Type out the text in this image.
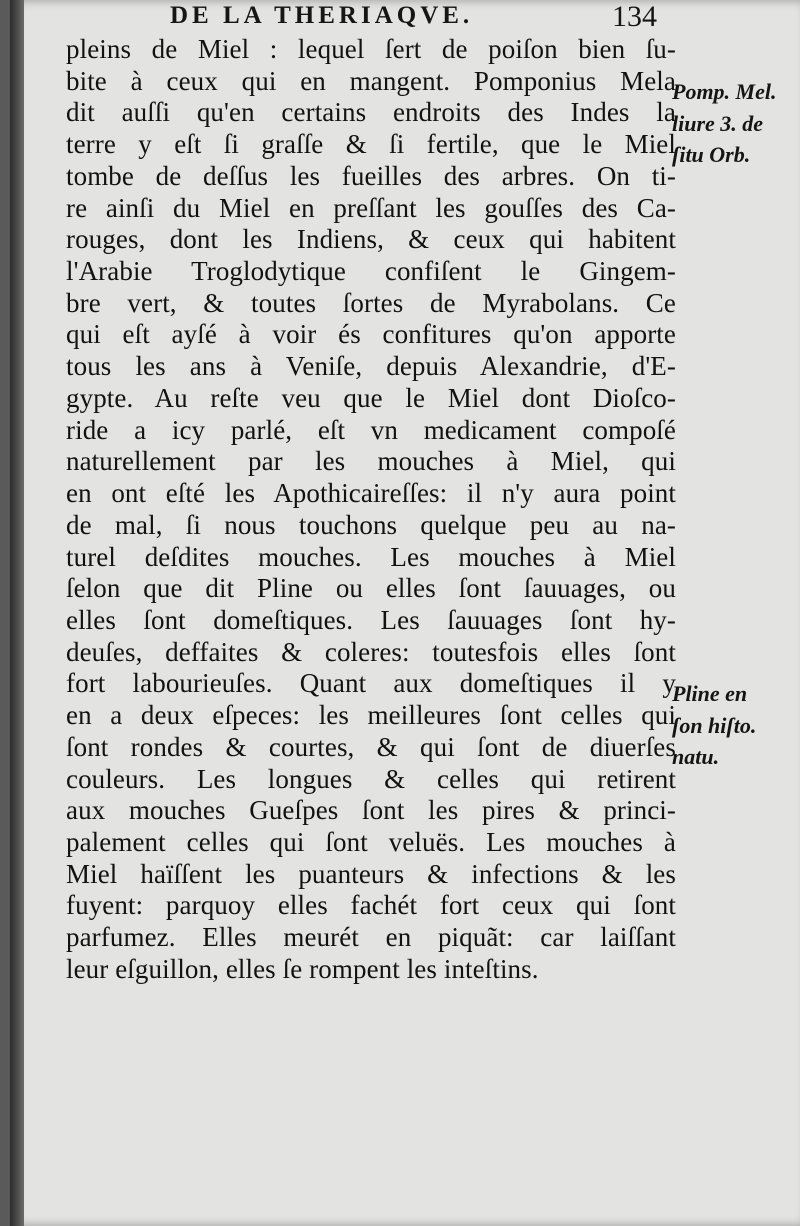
DE LA THERIAQVE.	134
pleins de Miel : lequel ſert de poiſon bien ſu-
bite à ceux qui en mangent. Pomponius Mela
dit auſſi qu'en certains endroits des Indes la
terre y eſt ſi graſſe & ſi fertile, que le Miel
tombe de deſſus les fueilles des arbres. On ti-
re ainſi du Miel en preſſant les gouſſes des Ca-
rouges, dont les Indiens, & ceux qui habitent
l'Arabie Troglodytique confiſent le Gingem-
bre vert, & toutes ſortes de Myrabolans. Ce
qui eſt ayſé à voir és confitures qu'on apporte
tous les ans à Veniſe, depuis Alexandrie, d'E-
gypte. Au reſte veu que le Miel dont Dioſco-
ride a icy parlé, eſt vn medicament compoſé
naturellement par les mouches à Miel, qui
en ont eſté les Apothicaireſſes: il n'y aura point
de mal, ſi nous touchons quelque peu au na-
turel deſdites mouches. Les mouches à Miel
ſelon que dit Pline ou elles ſont ſauuages, ou
elles ſont domeſtiques. Les ſauuages ſont hy-
deuſes, deffaites & coleres: toutesfois elles ſont
fort labourieuſes. Quant aux domeſtiques il y
en a deux eſpeces: les meilleures ſont celles qui
ſont rondes & courtes, & qui ſont de diuerſes
couleurs. Les longues & celles qui retirent
aux mouches Gueſpes ſont les pires & princi-
palement celles qui ſont veluës. Les mouches à
Miel haïſſent les puanteurs & infections & les
fuyent: parquoy elles fachét fort ceux qui ſont
parfumez. Elles meurét en piquãt: car laiſſant
leur eſguillon, elles ſe rompent les inteſtins.
Pomp. Mel.
liure 3. de
ſitu Orb.
Pline en
ſon hiſto.
natu.
